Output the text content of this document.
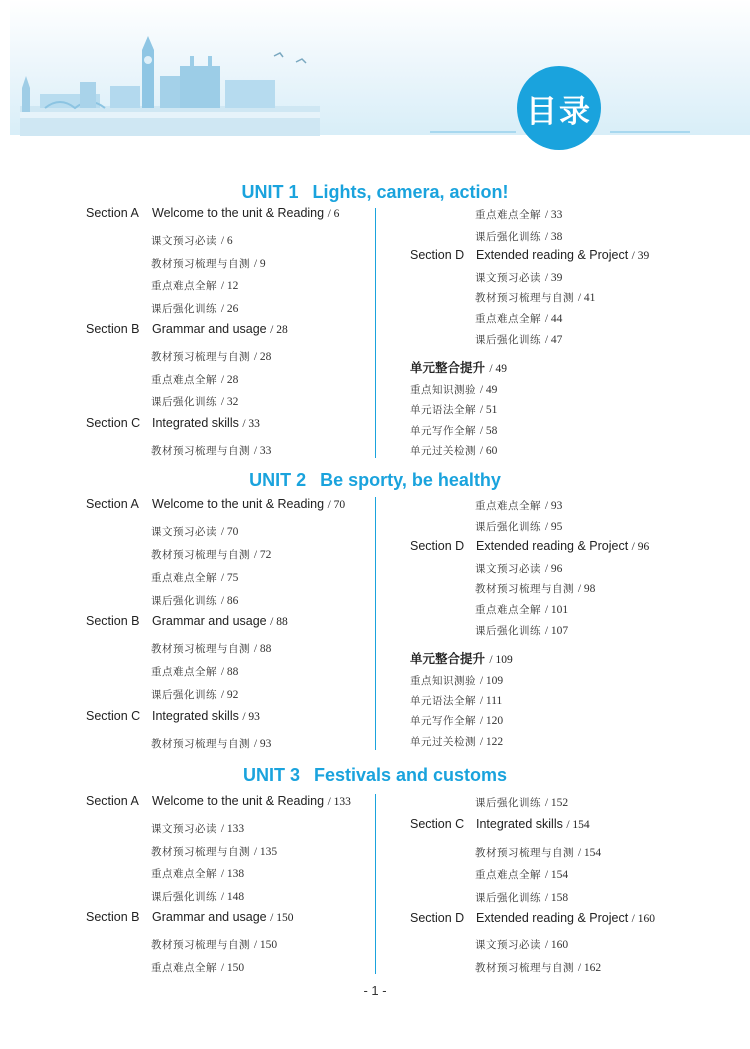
目录
UNIT 1 Lights, camera, action!
UNIT 2 Be sporty, be healthy
UNIT 3 Festivals and customs
Section A Welcome to the unit & Reading / 6
课文预习必读 / 6
教材预习梳理与自测 / 9
重点难点全解 / 12
课后强化训练 / 26
Section B Grammar and usage / 28
教材预习梳理与自测 / 28
重点难点全解 / 28
课后强化训练 / 32
Section C Integrated skills / 33
教材预习梳理与自测 / 33
重点难点全解 / 33
课后强化训练 / 38
Section D Extended reading & Project / 39
课文预习必读 / 39
教材预习梳理与自测 / 41
重点难点全解 / 44
课后强化训练 / 47
单元整合提升 / 49
重点知识测验 / 49
单元语法全解 / 51
单元写作全解 / 58
单元过关检测 / 60
Section A Welcome to the unit & Reading / 70
课文预习必读 / 70
教材预习梳理与自测 / 72
重点难点全解 / 75
课后强化训练 / 86
Section B Grammar and usage / 88
教材预习梳理与自测 / 88
重点难点全解 / 88
课后强化训练 / 92
Section C Integrated skills / 93
教材预习梳理与自测 / 93
重点难点全解 / 93
课后强化训练 / 95
Section D Extended reading & Project / 96
课文预习必读 / 96
教材预习梳理与自测 / 98
重点难点全解 / 101
课后强化训练 / 107
单元整合提升 / 109
重点知识测验 / 109
单元语法全解 / 111
单元写作全解 / 120
单元过关检测 / 122
Section A Welcome to the unit & Reading / 133
课文预习必读 / 133
教材预习梳理与自测 / 135
重点难点全解 / 138
课后强化训练 / 148
Section B Grammar and usage / 150
教材预习梳理与自测 / 150
重点难点全解 / 150
课后强化训练 / 152
Section C Integrated skills / 154
教材预习梳理与自测 / 154
重点难点全解 / 154
课后强化训练 / 158
Section D Extended reading & Project / 160
课文预习必读 / 160
教材预习梳理与自测 / 162
- 1 -
